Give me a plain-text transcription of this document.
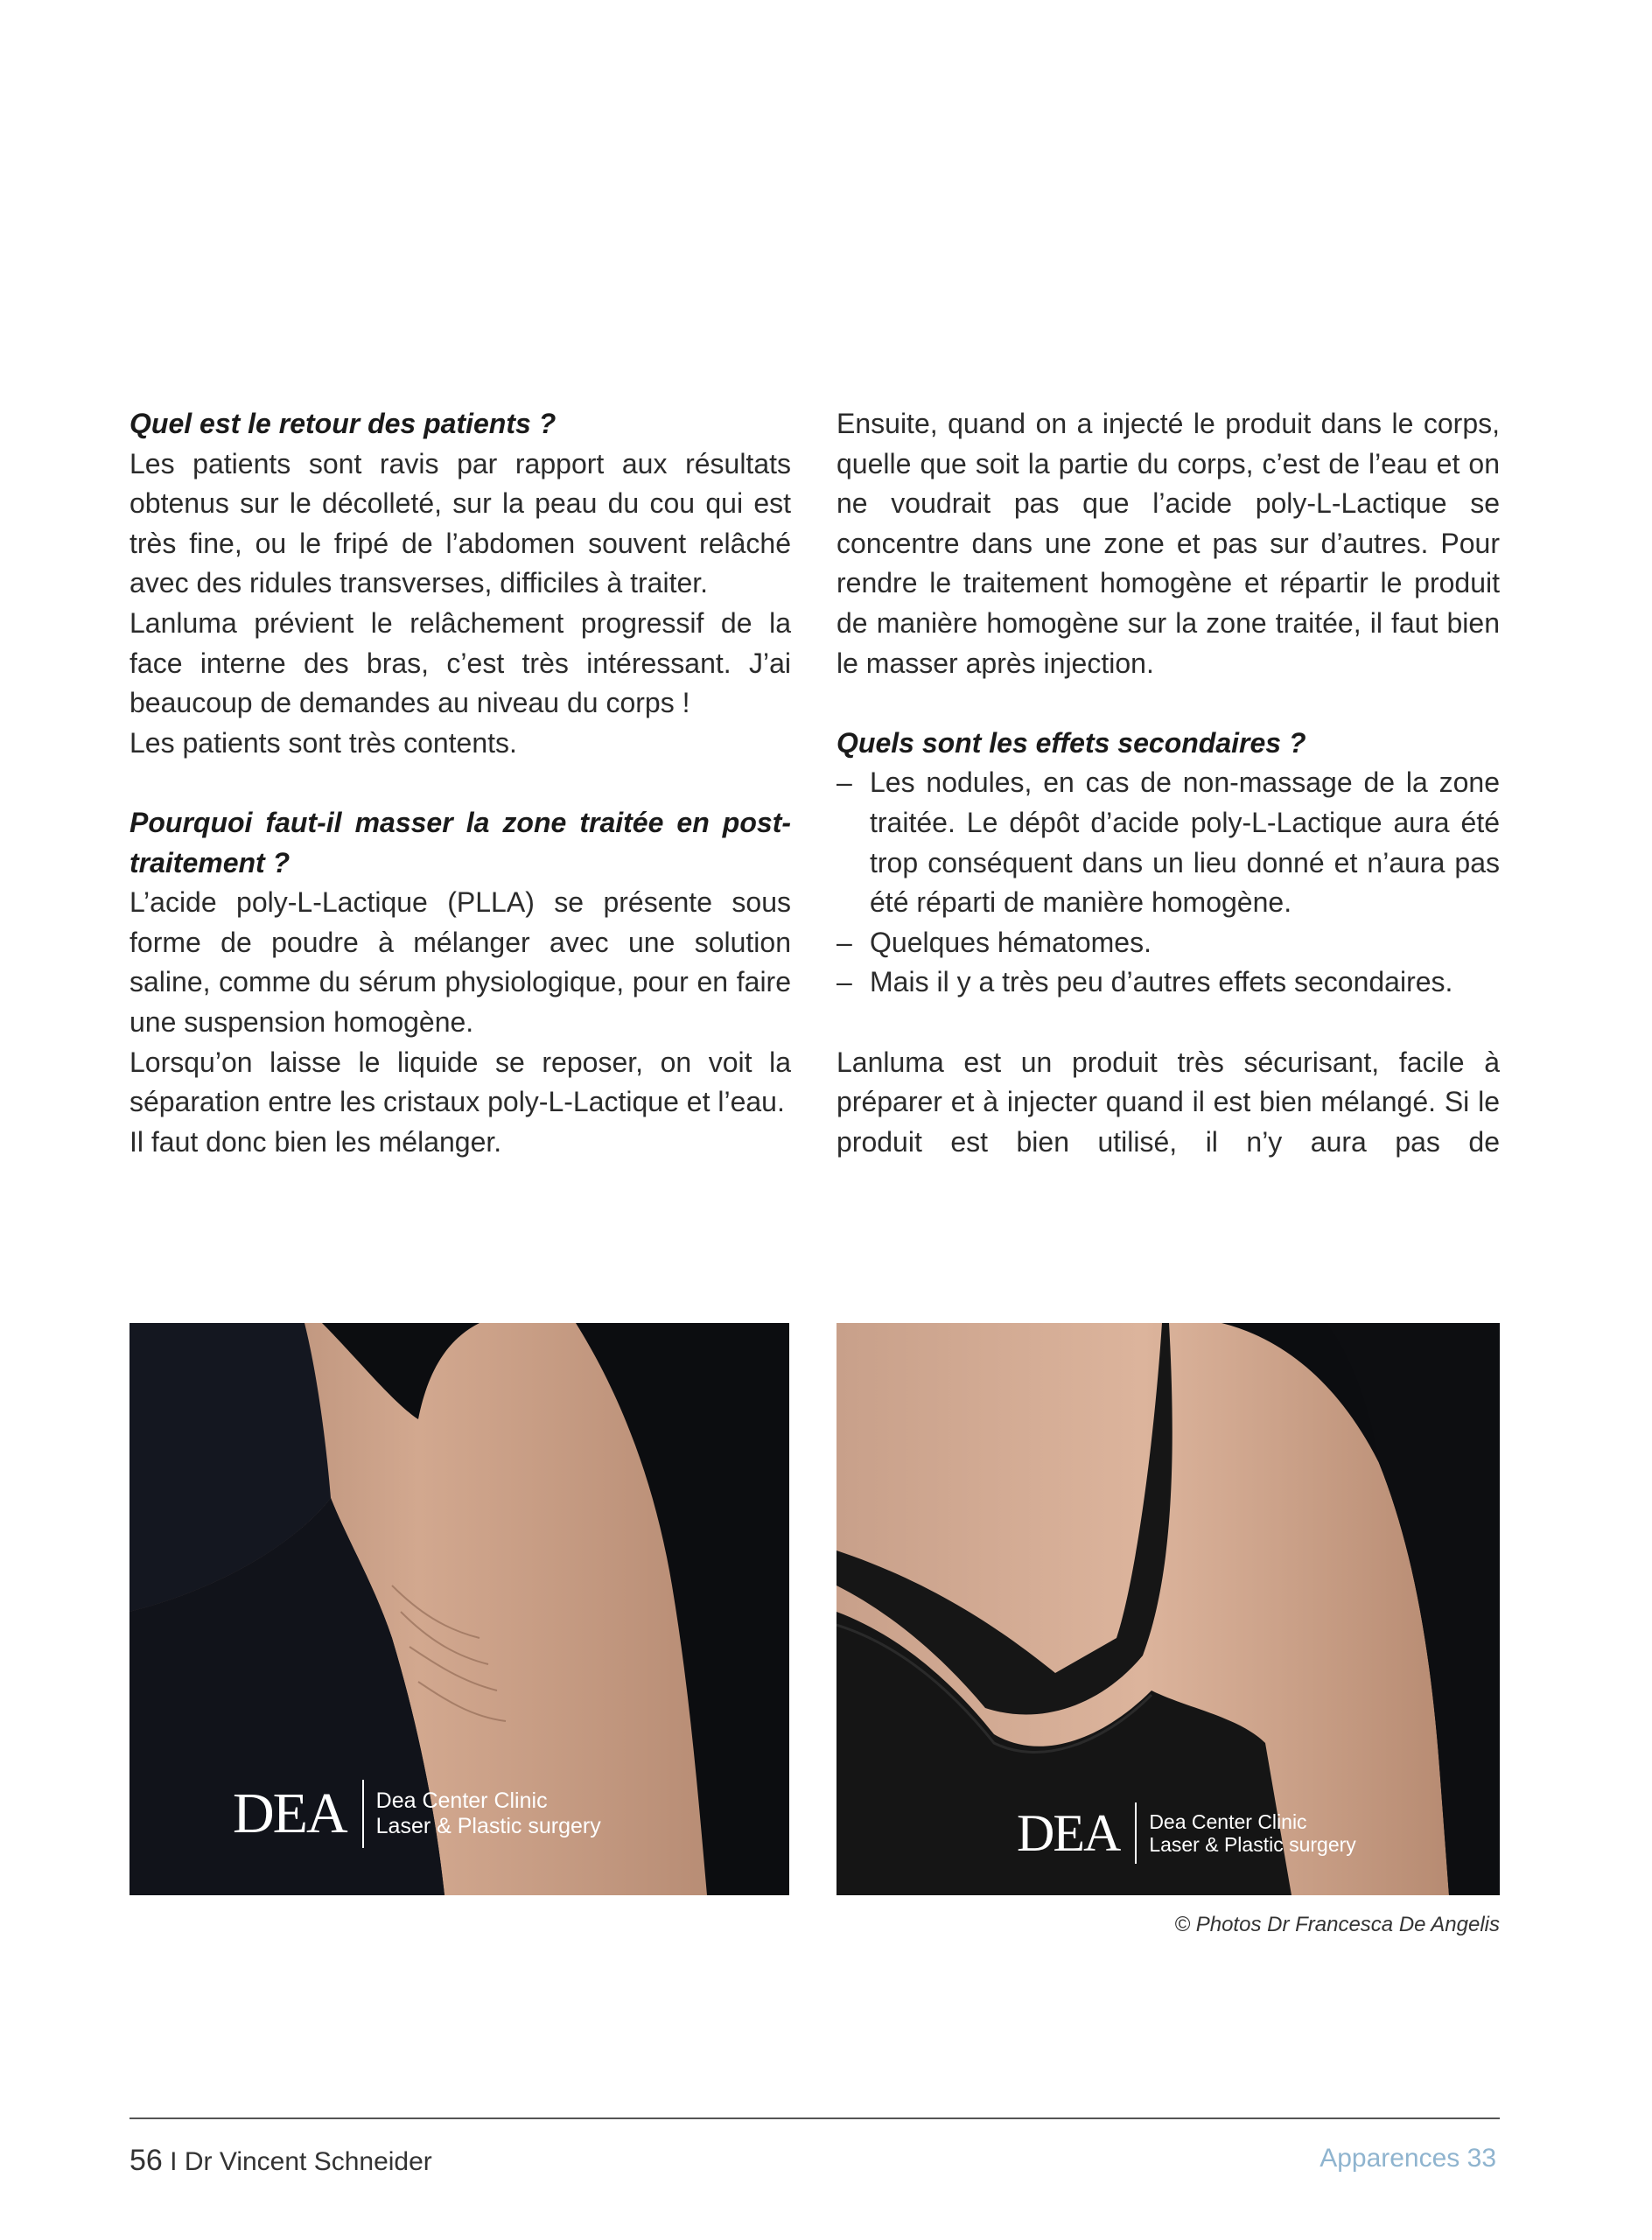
Quel est le retour des patients ?

Les patients sont ravis par rapport aux résultats obtenus sur le décolleté, sur la peau du cou qui est très fine, ou le fripé de l’abdomen souvent relâché avec des ridules transverses, difficiles à traiter.

Lanluma prévient le relâchement progressif de la face interne des bras, c’est très intéressant. J’ai beaucoup de demandes au niveau du corps !

Les patients sont très contents.

Pourquoi faut-il masser la zone traitée en post-traitement ?

L’acide poly-L-Lactique (PLLA) se présente sous forme de poudre à mélanger avec une solution saline, comme du sérum physiologique, pour en faire une suspension homogène.

Lorsqu’on laisse le liquide se reposer, on voit la séparation entre les cristaux poly-L-Lactique et l’eau.

Il faut donc bien les mélanger.

Ensuite, quand on a injecté le produit dans le corps, quelle que soit la partie du corps, c’est de l’eau et on ne voudrait pas que l’acide poly-L-Lactique se concentre dans une zone et pas sur d’autres. Pour rendre le traitement homogène et répartir le produit de manière homogène sur la zone traitée, il faut bien le masser après injection.

Quels sont les effets secondaires ?

– Les nodules, en cas de non-massage de la zone traitée. Le dépôt d’acide poly-L-Lactique aura été trop conséquent dans un lieu donné et n’aura pas été réparti de manière homogène.
– Quelques hématomes.
– Mais il y a très peu d’autres effets secondaires.

Lanluma est un produit très sécurisant, facile à préparer et à injecter quand il est bien mélangé. Si le produit est bien utilisé, il n’y aura pas de

DEA Dea Center Clinic
Laser & Plastic surgery	DEA Dea Center Clinic
Laser & Plastic surgery
© Photos Dr Francesca De Angelis
56 I Dr Vincent Schneider	Apparences 33
